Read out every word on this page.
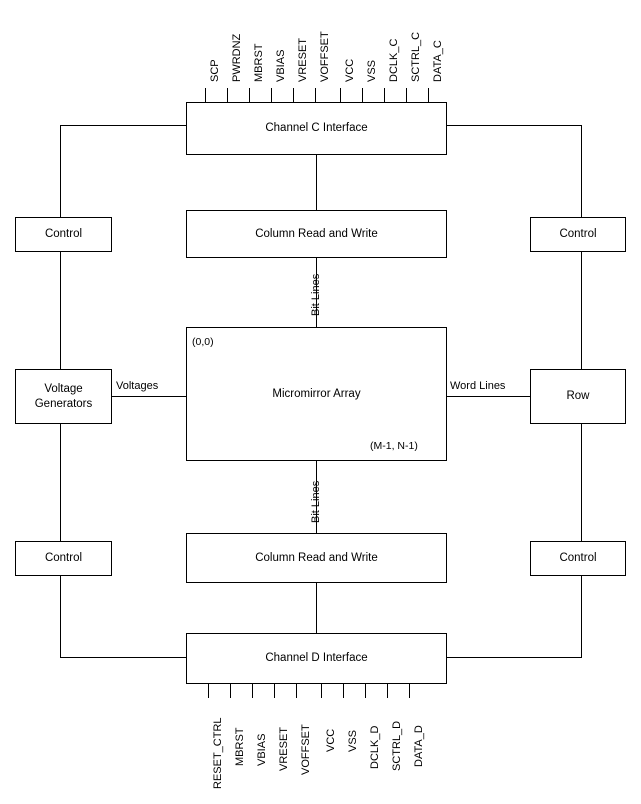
SCP PWRDNZ MBRST VBIAS VRESET VOFFSET VCC VSS DCLK_C SCTRL_C DATA_C
RESET_CTRL MBRST VBIAS VRESET VOFFSET VCC VSS DCLK_D SCTRL_D DATA_D
Channel C Interface
Column Read and Write
Micromirror Array
(0,0)
(M-1, N-1)
Column Read and Write
Channel D Interface
Control
Control
Control
Control
Voltage
Generators
Row
Bit Lines
Bit Lines
Voltages	Word Lines
